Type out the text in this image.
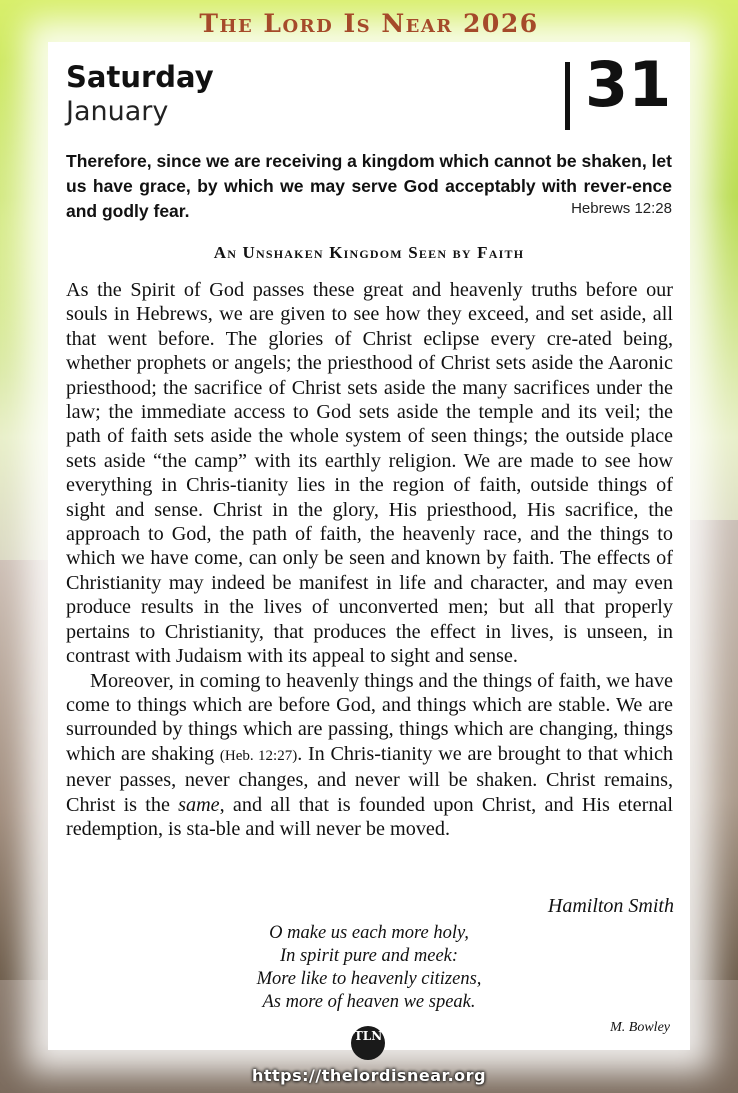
The Lord Is Near 2026
Saturday
January	31
Therefore, since we are receiving a kingdom which cannot be shaken, let us have grace, by which we may serve God acceptably with rever-ence and godly fear.	Hebrews 12:28
An Unshaken Kingdom Seen by Faith

As the Spirit of God passes these great and heavenly truths before our souls in Hebrews, we are given to see how they exceed, and set aside, all that went before. The glories of Christ eclipse every cre-ated being, whether prophets or angels; the priesthood of Christ sets aside the Aaronic priesthood; the sacrifice of Christ sets aside the many sacrifices under the law; the immediate access to God sets aside the temple and its veil; the path of faith sets aside the whole system of seen things; the outside place sets aside “the camp” with its earthly religion. We are made to see how everything in Chris-tianity lies in the region of faith, outside things of sight and sense. Christ in the glory, His priesthood, His sacrifice, the approach to God, the path of faith, the heavenly race, and the things to which we have come, can only be seen and known by faith. The effects of Christianity may indeed be manifest in life and character, and may even produce results in the lives of unconverted men; but all that properly pertains to Christianity, that produces the effect in lives, is unseen, in contrast with Judaism with its appeal to sight and sense.

Moreover, in coming to heavenly things and the things of faith, we have come to things which are before God, and things which are stable. We are surrounded by things which are passing, things which are changing, things which are shaking (Heb. 12:27). In Chris-tianity we are brought to that which never passes, never changes, and never will be shaken. Christ remains, Christ is the same, and all that is founded upon Christ, and His eternal redemption, is sta-ble and will never be moved.

Hamilton Smith
O make us each more holy,
In spirit pure and meek:
More like to heavenly citizens,
As more of heaven we speak.
M. Bowley
TLN
https://thelordisnear.org
